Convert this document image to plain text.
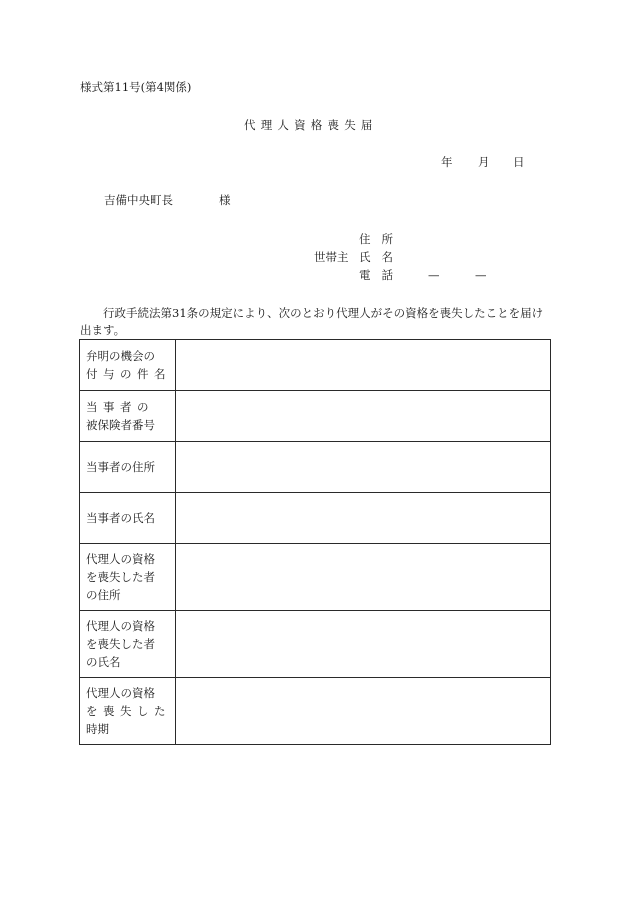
様式第11号(第4関係)
代理人資格喪失届
年 月 日
吉備中央町長	様
住所
世帯主 氏名
電話 —	—
行政手続法第31条の規定により、次のとおり代理人がその資格を喪失したことを届け出ます。
弁明の機会の
付与の件名	

当事者の
被保険者番号	

当事者の住所	

当事者の氏名	

代理人の資格
を喪失した者
の住所	

代理人の資格
を喪失した者
の氏名	

代理人の資格
を喪失した
時期	
